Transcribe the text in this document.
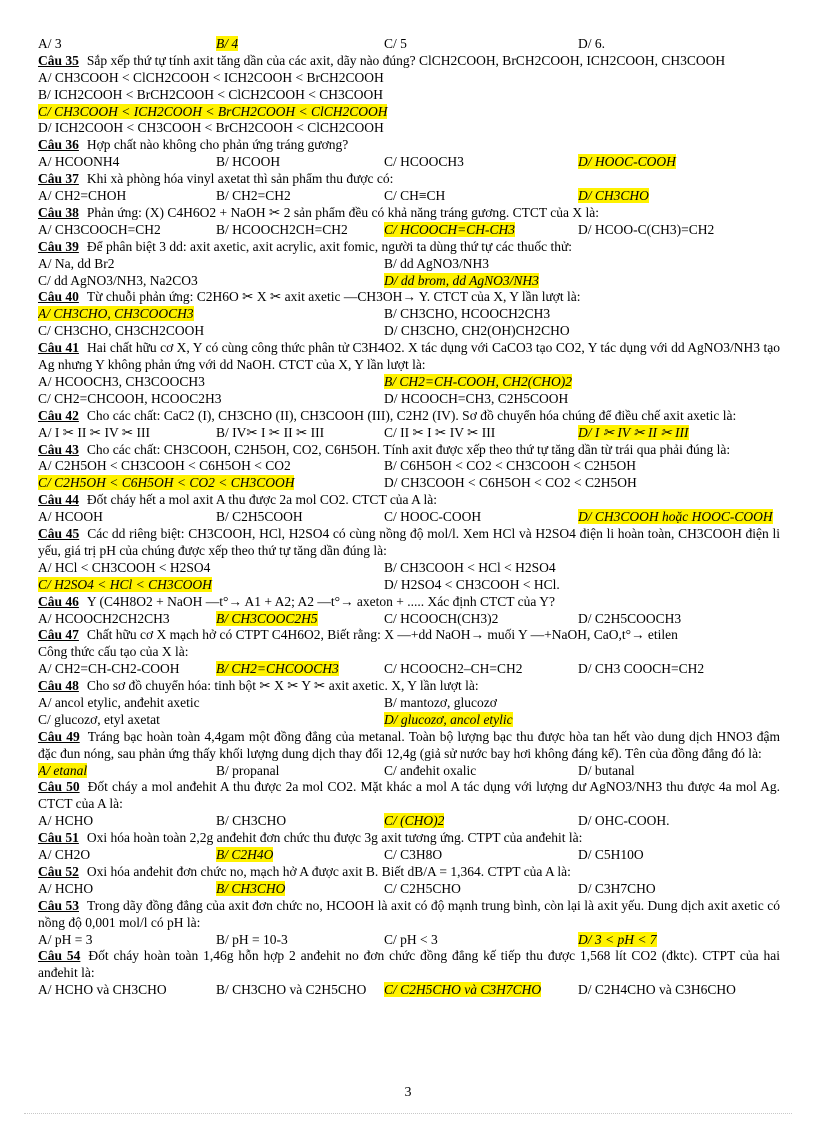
A/ 3	B/ 4	C/ 5	D/ 6.
Câu 35 Sắp xếp thứ tự tính axit tăng dần của các axit, dãy nào đúng? ClCH2COOH, BrCH2COOH, ICH2COOH, CH3COOH
A/ CH3COOH < ClCH2COOH < ICH2COOH < BrCH2COOH
B/ ICH2COOH < BrCH2COOH < ClCH2COOH < CH3COOH
C/ CH3COOH < ICH2COOH < BrCH2COOH < ClCH2COOH
D/ ICH2COOH < CH3COOH < BrCH2COOH < ClCH2COOH
Câu 36 Hợp chất nào không cho phản ứng tráng gương?
A/ HCOONH4	B/ HCOOH	C/ HCOOCH3	D/ HOOC-COOH
Câu 37 Khi xà phòng hóa vinyl axetat thì sản phẩm thu được có:
A/ CH2=CHOH	B/ CH2=CH2	C/ CH≡CH	D/ CH3CHO
Câu 38 Phản ứng: (X) C4H6O2 + NaOH ✂ 2 sản phẩm đều có khả năng tráng gương. CTCT của X là:
A/ CH3COOCH=CH2	B/ HCOOCH2CH=CH2	C/ HCOOCH=CH-CH3	D/ HCOO-C(CH3)=CH2
Câu 39 Để phân biệt 3 dd: axit axetic, axit acrylic, axit fomic, người ta dùng thứ tự các thuốc thử:
A/ Na, dd Br2	B/ dd AgNO3/NH3
C/ dd AgNO3/NH3, Na2CO3	D/ dd brom, dd AgNO3/NH3
Câu 40 Từ chuỗi phản ứng: C2H6O ✂ X ✂ axit axetic —CH3OH→ Y. CTCT của X, Y lần lượt là:
A/ CH3CHO, CH3COOCH3	B/ CH3CHO, HCOOCH2CH3
C/ CH3CHO, CH3CH2COOH	D/ CH3CHO, CH2(OH)CH2CHO
Câu 41 Hai chất hữu cơ X, Y có cùng công thức phân tử C3H4O2. X tác dụng với CaCO3 tạo CO2, Y tác dụng với dd AgNO3/NH3 tạo Ag nhưng Y không phản ứng với dd NaOH. CTCT của X, Y lần lượt là:
A/ HCOOCH3, CH3COOCH3	B/ CH2=CH-COOH, CH2(CHO)2
C/ CH2=CHCOOH, HCOOC2H3	D/ HCOOCH=CH3, C2H5COOH
Câu 42 Cho các chất: CaC2 (I), CH3CHO (II), CH3COOH (III), C2H2 (IV). Sơ đồ chuyển hóa chúng để điều chế axit axetic là:
A/ I ✂ II ✂ IV ✂ III	B/ IV✂ I ✂ II ✂ III	C/ II ✂ I ✂ IV ✂ III	D/ I ✂ IV ✂ II ✂ III
Câu 43 Cho các chất: CH3COOH, C2H5OH, CO2, C6H5OH. Tính axit được xếp theo thứ tự tăng dần từ trái qua phải đúng là:
A/ C2H5OH < CH3COOH < C6H5OH < CO2	B/ C6H5OH < CO2 < CH3COOH < C2H5OH
C/ C2H5OH < C6H5OH < CO2 < CH3COOH	D/ CH3COOH < C6H5OH < CO2 < C2H5OH
Câu 44 Đốt cháy hết a mol axit A thu được 2a mol CO2. CTCT của A là:
A/ HCOOH	B/ C2H5COOH	C/ HOOC-COOH	D/ CH3COOH hoặc HOOC-COOH
Câu 45 Các dd riêng biệt: CH3COOH, HCl, H2SO4 có cùng nồng độ mol/l. Xem HCl và H2SO4 điện li hoàn toàn, CH3COOH điện li yếu, giá trị pH của chúng được xếp theo thứ tự tăng dần đúng là:
A/ HCl < CH3COOH < H2SO4	B/ CH3COOH < HCl < H2SO4
C/ H2SO4 < HCl < CH3COOH	D/ H2SO4 < CH3COOH < HCl.
Câu 46 Y (C4H8O2 + NaOH —t°→ A1 + A2; A2 —t°→ axeton + ..... Xác định CTCT của Y?
A/ HCOOCH2CH2CH3	B/ CH3COOC2H5	C/ HCOOCH(CH3)2	D/ C2H5COOCH3
Câu 47 Chất hữu cơ X mạch hở có CTPT C4H6O2, Biết rằng: X —+dd NaOH→ muối Y —+NaOH, CaO,t°→ etilen
Công thức cấu tạo của X là:
A/ CH2=CH-CH2-COOH	B/ CH2=CHCOOCH3	C/ HCOOCH2–CH=CH2	D/ CH3 COOCH=CH2
Câu 48 Cho sơ đồ chuyển hóa: tinh bột ✂ X ✂ Y ✂ axit axetic. X, Y lần lượt là:
A/ ancol etylic, anđehit axetic	B/ mantozơ, glucozơ
C/ glucozơ, etyl axetat	D/ glucozơ, ancol etylic
Câu 49 Tráng bạc hoàn toàn 4,4gam một đồng đẳng của metanal. Toàn bộ lượng bạc thu được hòa tan hết vào dung dịch HNO3 đậm đặc đun nóng, sau phản ứng thấy khối lượng dung dịch thay đổi 12,4g (giả sử nước bay hơi không đáng kể). Tên của đồng đẳng đó là:
A/ etanal	B/ propanal	C/ anđehit oxalic	D/ butanal
Câu 50 Đốt cháy a mol anđehit A thu được 2a mol CO2. Mặt khác a mol A tác dụng với lượng dư AgNO3/NH3 thu được 4a mol Ag. CTCT của A là:
A/ HCHO	B/ CH3CHO	C/ (CHO)2	D/ OHC-COOH.
Câu 51 Oxi hóa hoàn toàn 2,2g anđehit đơn chức thu được 3g axit tương ứng. CTPT của anđehit là:
A/ CH2O	B/ C2H4O	C/ C3H8O	D/ C5H10O
Câu 52 Oxi hóa anđehit đơn chức no, mạch hở A được axit B. Biết dB/A = 1,364. CTPT của A là:
A/ HCHO	B/ CH3CHO	C/ C2H5CHO	D/ C3H7CHO
Câu 53 Trong dãy đồng đẳng của axit đơn chức no, HCOOH là axit có độ mạnh trung bình, còn lại là axit yếu. Dung dịch axit axetic có nồng độ 0,001 mol/l có pH là:
A/ pH = 3	B/ pH = 10-3	C/ pH < 3	D/ 3 < pH < 7
Câu 54 Đốt cháy hoàn toàn 1,46g hỗn hợp 2 anđehit no đơn chức đồng đẳng kế tiếp thu được 1,568 lít CO2 (đktc). CTPT của hai anđehit là:
A/ HCHO và CH3CHO	B/ CH3CHO và C2H5CHO	C/ C2H5CHO và C3H7CHO	D/ C2H4CHO và C3H6CHO
3
